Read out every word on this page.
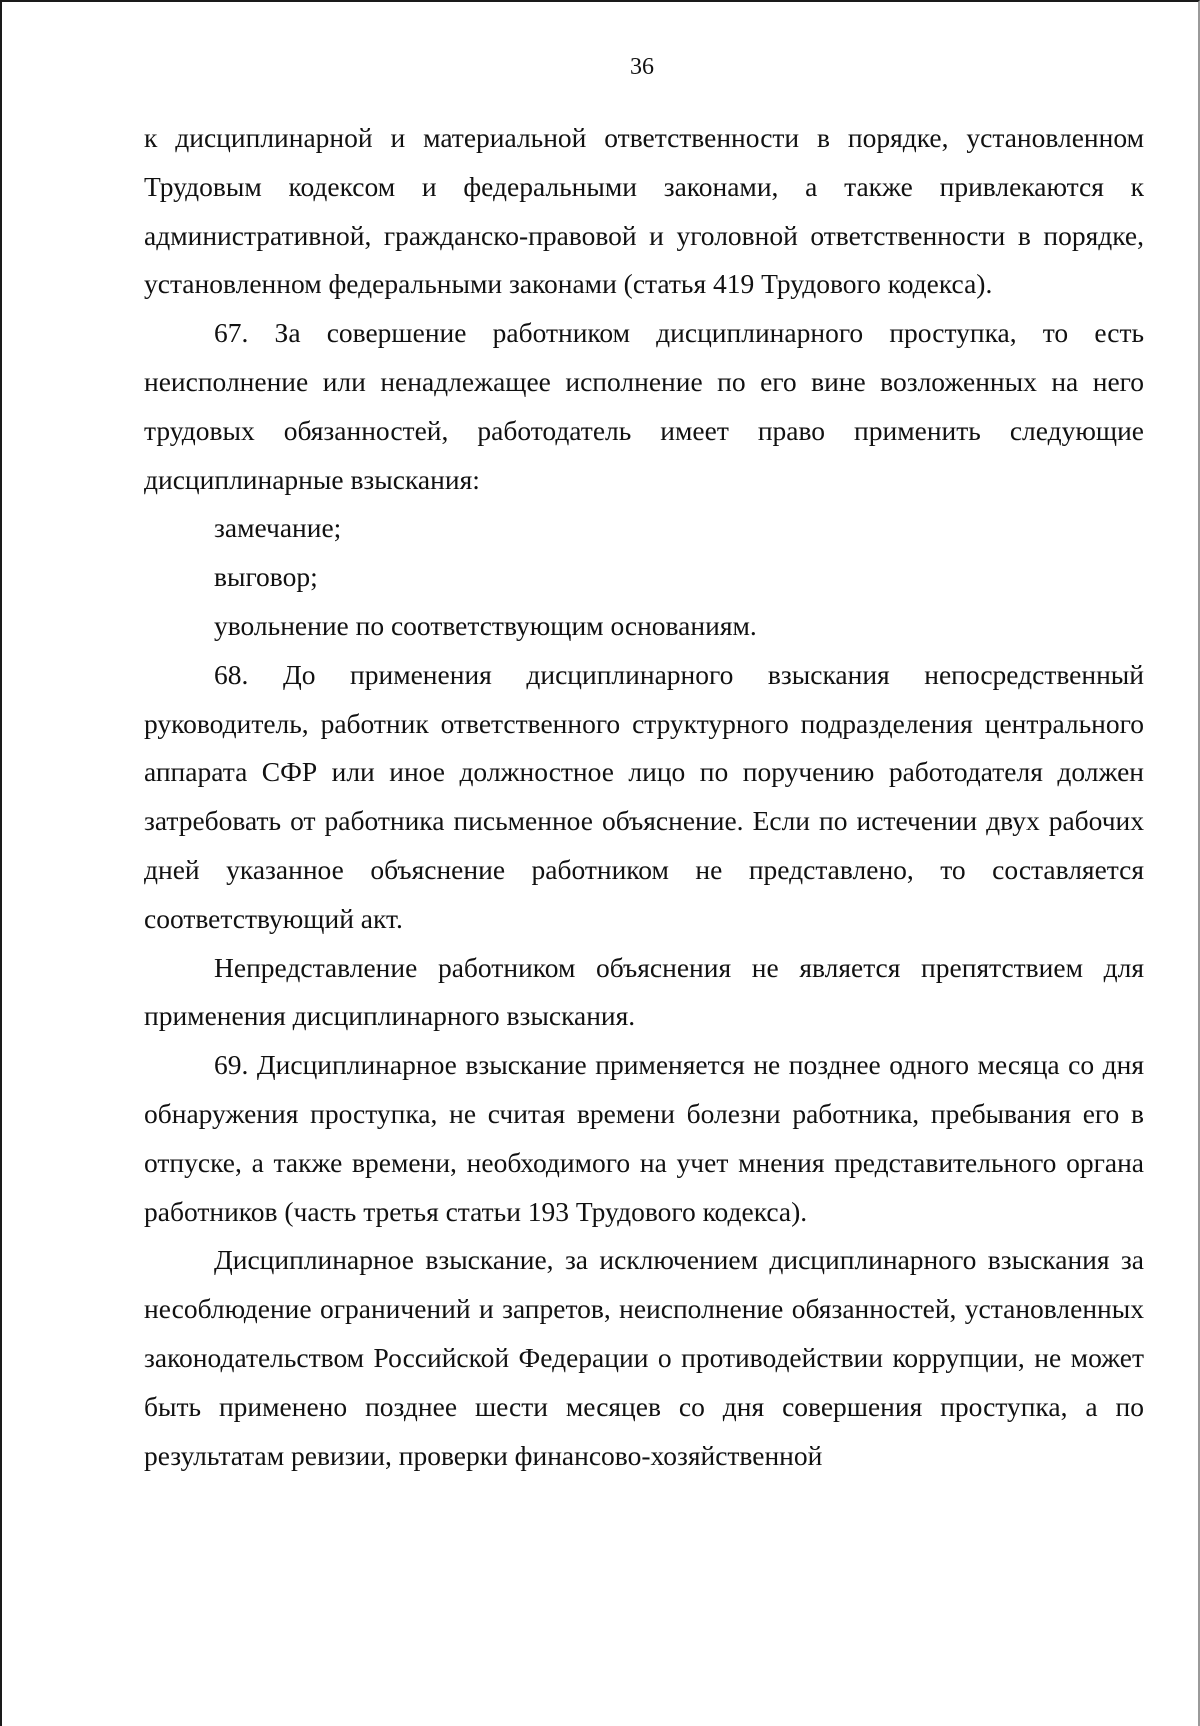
36

к дисциплинарной и материальной ответственности в порядке, установленном Трудовым кодексом и федеральными законами, а также привлекаются к административной, гражданско-правовой и уголовной ответственности в порядке, установленном федеральными законами (статья 419 Трудового кодекса).

67. За совершение работником дисциплинарного проступка, то есть неисполнение или ненадлежащее исполнение по его вине возложенных на него трудовых обязанностей, работодатель имеет право применить следующие дисциплинарные взыскания:

замечание;

выговор;

увольнение по соответствующим основаниям.

68. До применения дисциплинарного взыскания непосредственный руководитель, работник ответственного структурного подразделения центрального аппарата СФР или иное должностное лицо по поручению работодателя должен затребовать от работника письменное объяснение. Если по истечении двух рабочих дней указанное объяснение работником не представлено, то составляется соответствующий акт.

Непредставление работником объяснения не является препятствием для применения дисциплинарного взыскания.

69. Дисциплинарное взыскание применяется не позднее одного месяца со дня обнаружения проступка, не считая времени болезни работника, пребывания его в отпуске, а также времени, необходимого на учет мнения представительного органа работников (часть третья статьи 193 Трудового кодекса).

Дисциплинарное взыскание, за исключением дисциплинарного взыскания за несоблюдение ограничений и запретов, неисполнение обязанностей, установленных законодательством Российской Федерации о противодействии коррупции, не может быть применено позднее шести месяцев со дня совершения проступка, а по результатам ревизии, проверки финансово-хозяйственной
